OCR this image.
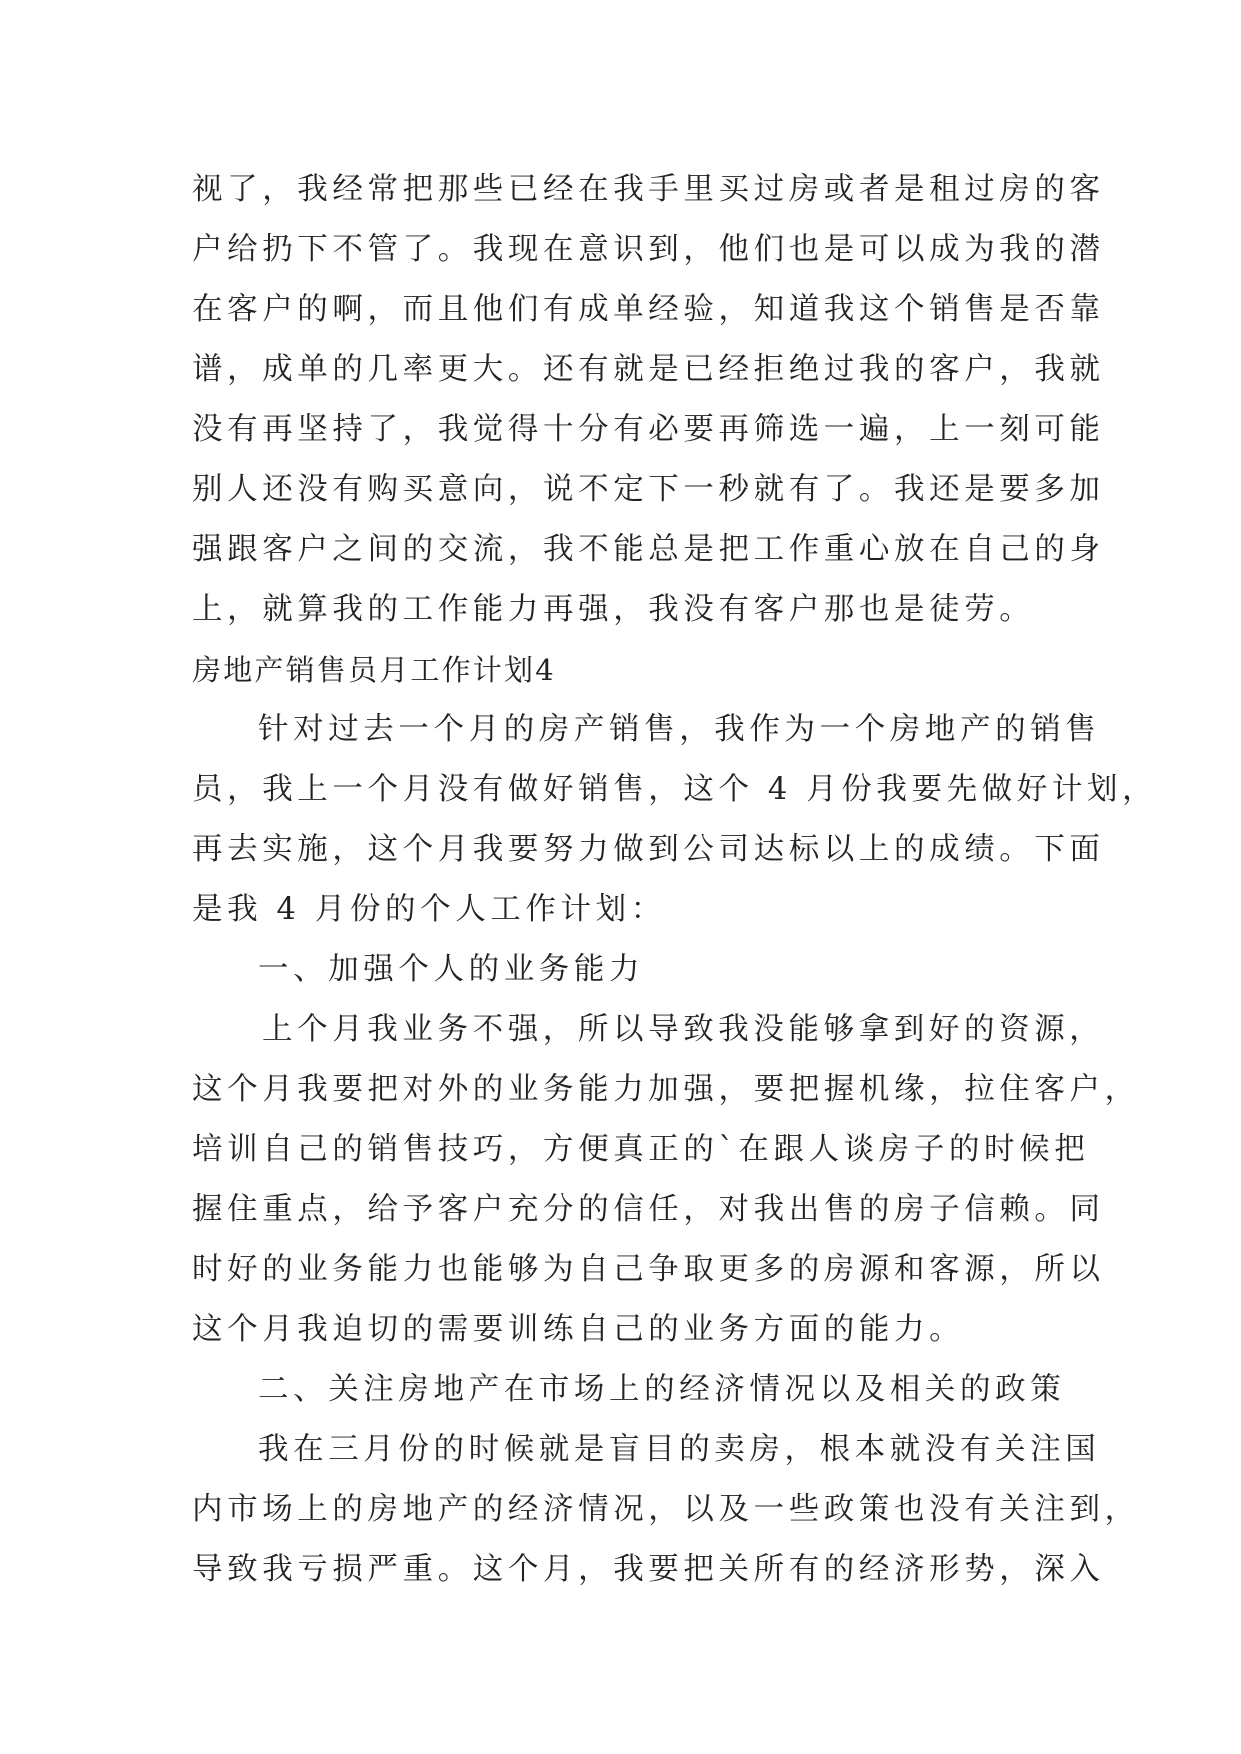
视了，我经常把那些已经在我手里买过房或者是租过房的客
户给扔下不管了。我现在意识到，他们也是可以成为我的潜
在客户的啊，而且他们有成单经验，知道我这个销售是否靠
谱，成单的几率更大。还有就是已经拒绝过我的客户，我就
没有再坚持了，我觉得十分有必要再筛选一遍，上一刻可能
别人还没有购买意向，说不定下一秒就有了。我还是要多加
强跟客户之间的交流，我不能总是把工作重心放在自己的身
上，就算我的工作能力再强，我没有客户那也是徒劳。
房地产销售员月工作计划4
针对过去一个月的房产销售，我作为一个房地产的销售
员，我上一个月没有做好销售，这个 4 月份我要先做好计划，
再去实施，这个月我要努力做到公司达标以上的成绩。下面
是我 4 月份的个人工作计划：
一、加强个人的业务能力
上个月我业务不强，所以导致我没能够拿到好的资源，
这个月我要把对外的业务能力加强，要把握机缘，拉住客户，
培训自己的销售技巧，方便真正的`在跟人谈房子的时候把
握住重点，给予客户充分的信任，对我出售的房子信赖。同
时好的业务能力也能够为自己争取更多的房源和客源，所以
这个月我迫切的需要训练自己的业务方面的能力。
二、关注房地产在市场上的经济情况以及相关的政策
我在三月份的时候就是盲目的卖房，根本就没有关注国
内市场上的房地产的经济情况，以及一些政策也没有关注到，
导致我亏损严重。这个月，我要把关所有的经济形势，深入
